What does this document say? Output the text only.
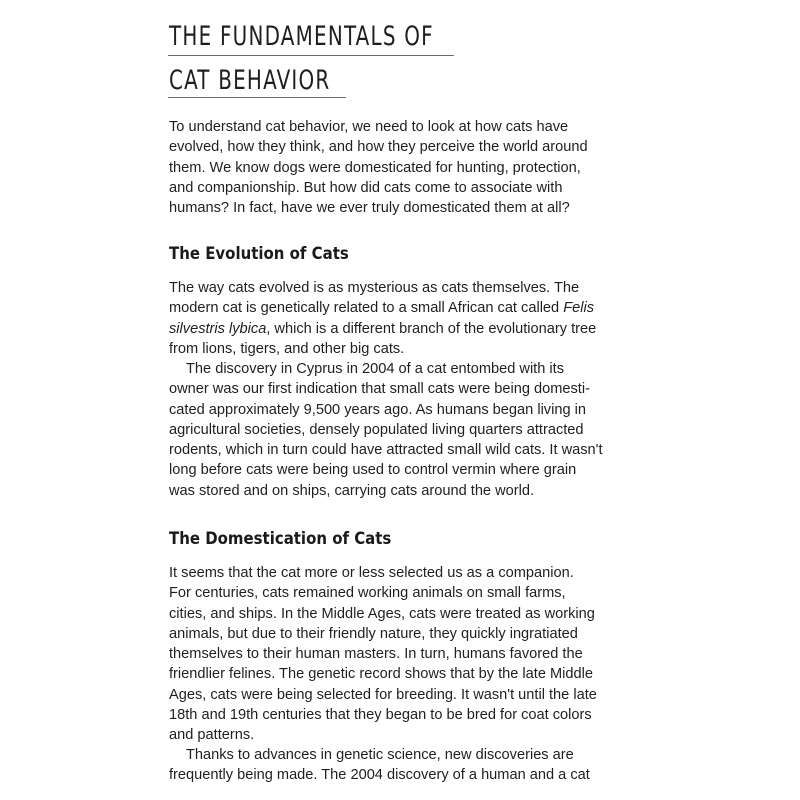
THE FUNDAMENTALS OF
CAT BEHAVIOR
To understand cat behavior, we need to look at how cats have
evolved, how they think, and how they perceive the world around
them. We know dogs were domesticated for hunting, protection,
and companionship. But how did cats come to associate with
humans? In fact, have we ever truly domesticated them at all?
The Evolution of Cats
The way cats evolved is as mysterious as cats themselves. The
modern cat is genetically related to a small African cat called Felis
silvestris lybica, which is a different branch of the evolutionary tree
from lions, tigers, and other big cats.
The discovery in Cyprus in 2004 of a cat entombed with its
owner was our first indication that small cats were being domesti-
cated approximately 9,500 years ago. As humans began living in
agricultural societies, densely populated living quarters attracted
rodents, which in turn could have attracted small wild cats. It wasn't
long before cats were being used to control vermin where grain
was stored and on ships, carrying cats around the world.
The Domestication of Cats
It seems that the cat more or less selected us as a companion.
For centuries, cats remained working animals on small farms,
cities, and ships. In the Middle Ages, cats were treated as working
animals, but due to their friendly nature, they quickly ingratiated
themselves to their human masters. In turn, humans favored the
friendlier felines. The genetic record shows that by the late Middle
Ages, cats were being selected for breeding. It wasn't until the late
18th and 19th centuries that they began to be bred for coat colors
and patterns.
Thanks to advances in genetic science, new discoveries are
frequently being made. The 2004 discovery of a human and a cat
